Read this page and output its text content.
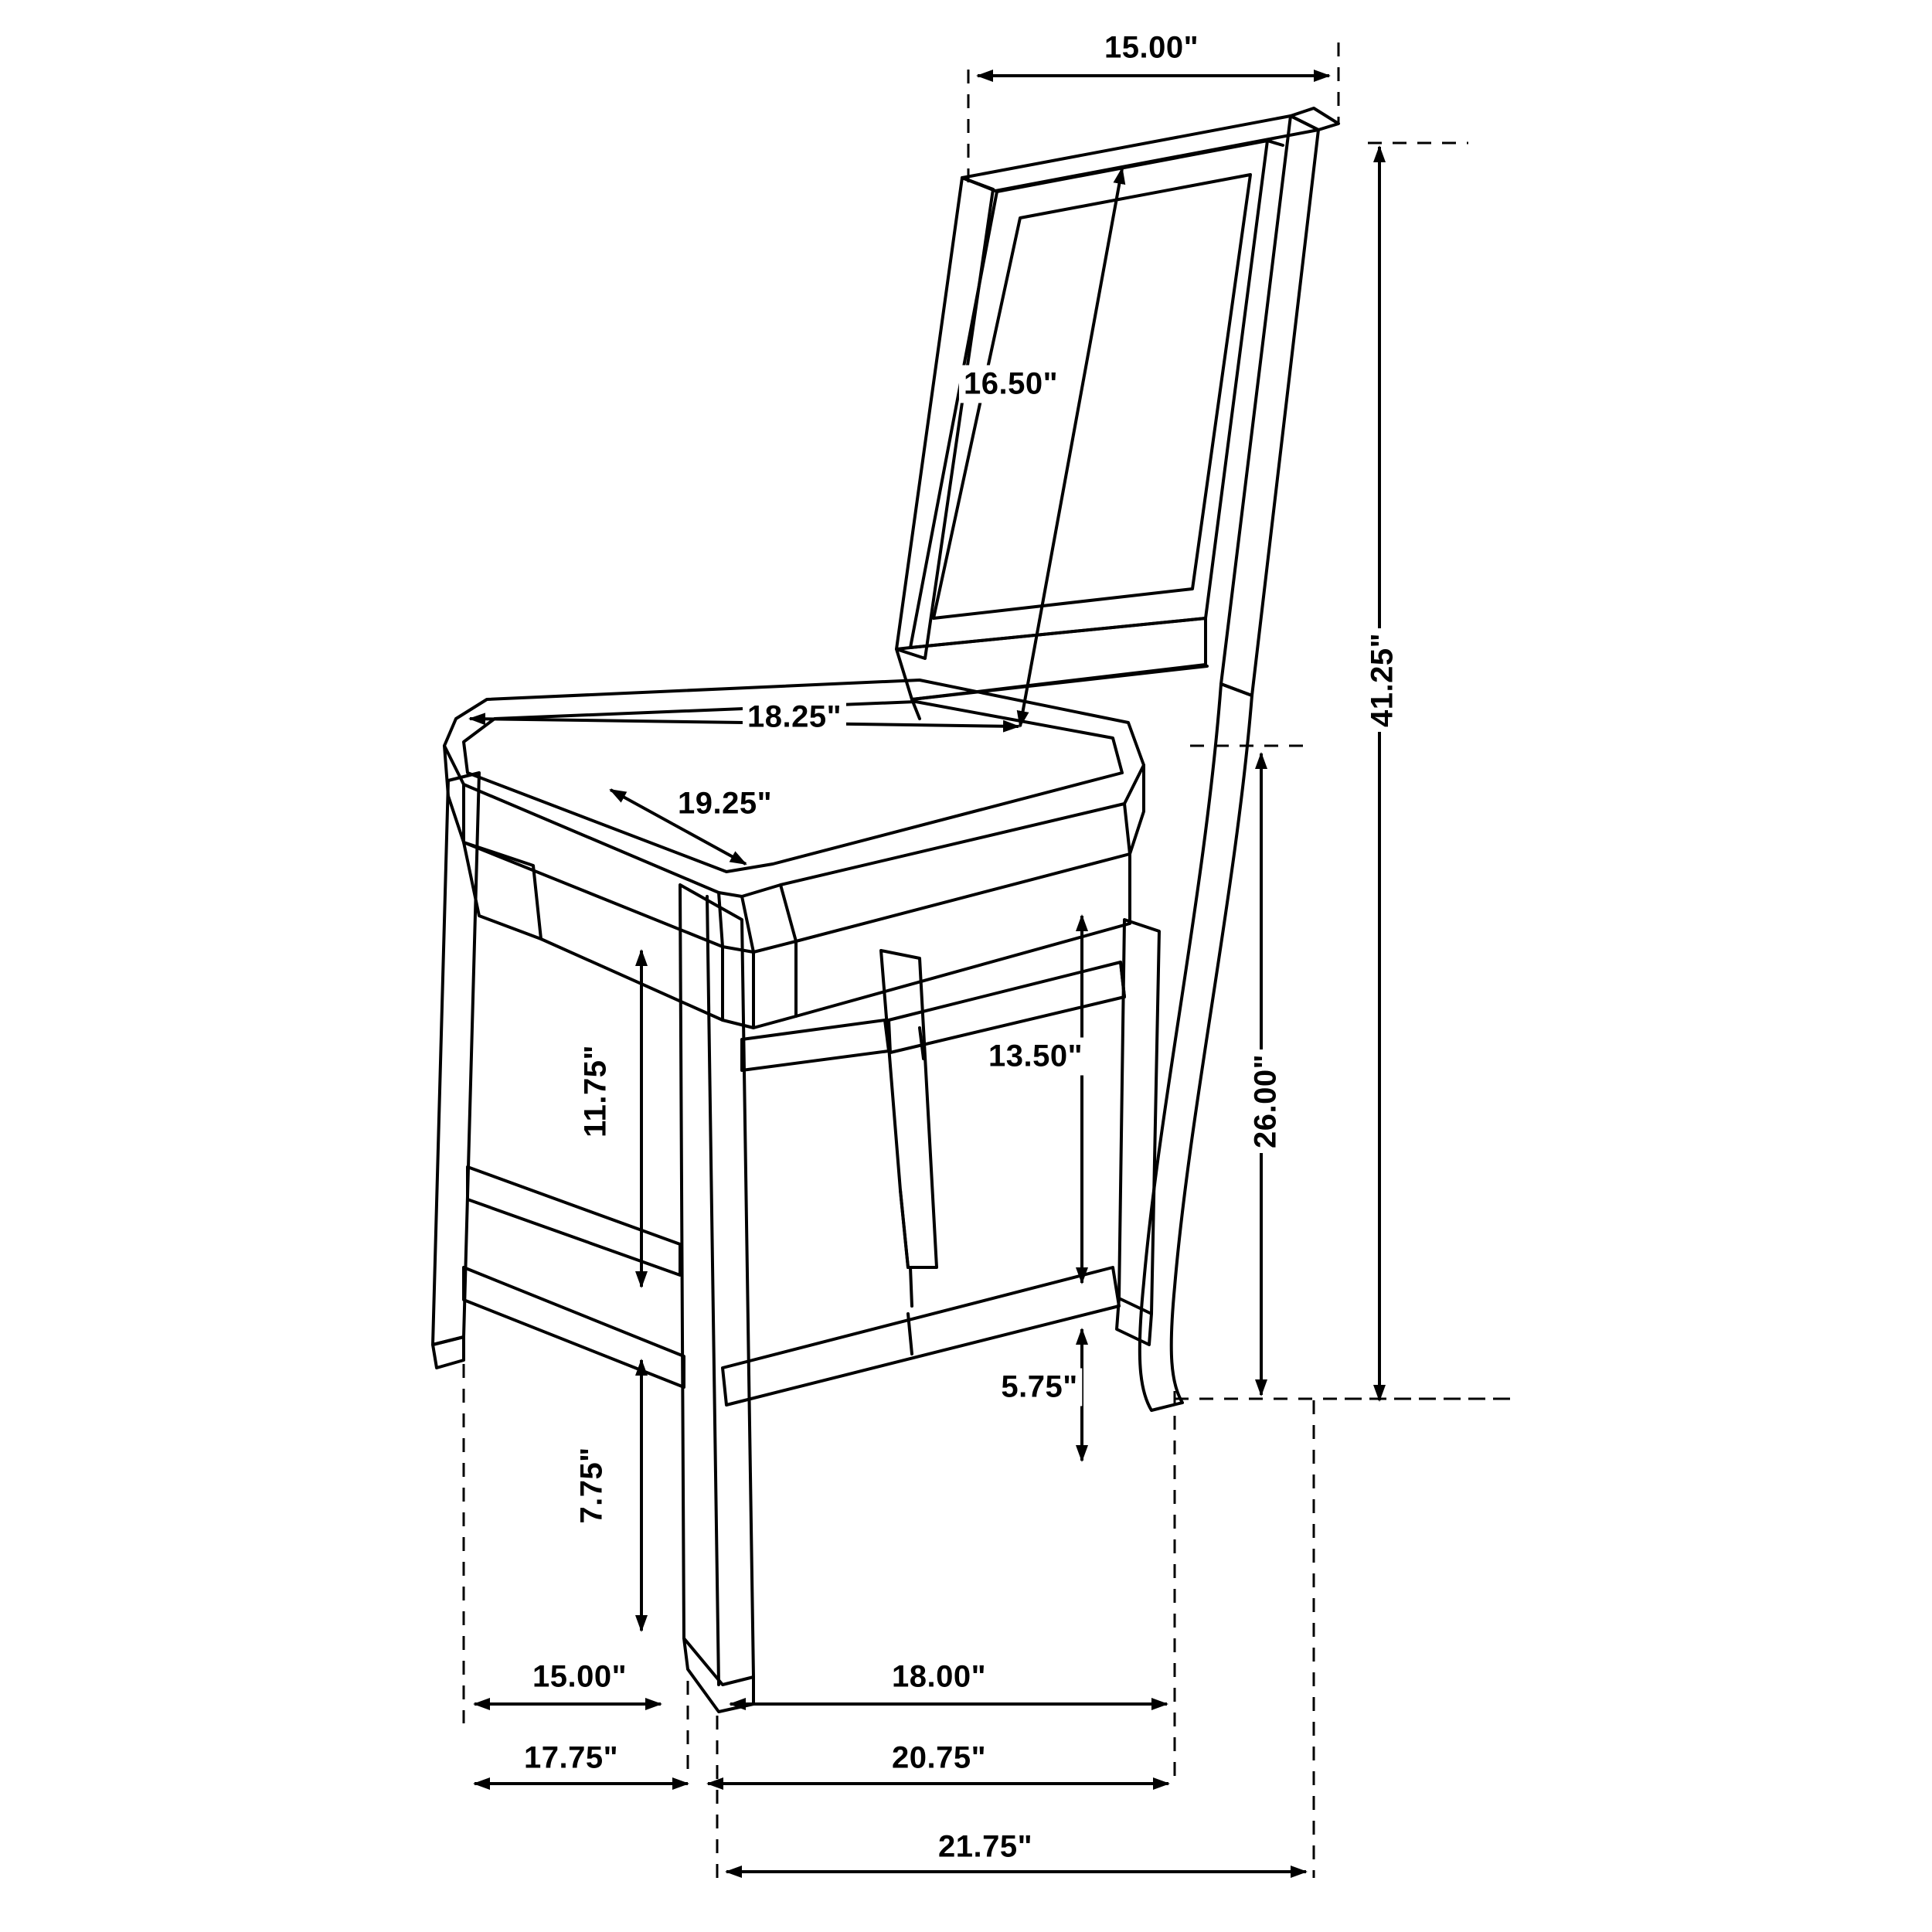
15.00"
16.50"
41.25"
18.25"
19.25"
26.00"
11.75"	13.50"
5.75"
7.75"
15.00"	18.00"
17.75"	20.75"
21.75"
